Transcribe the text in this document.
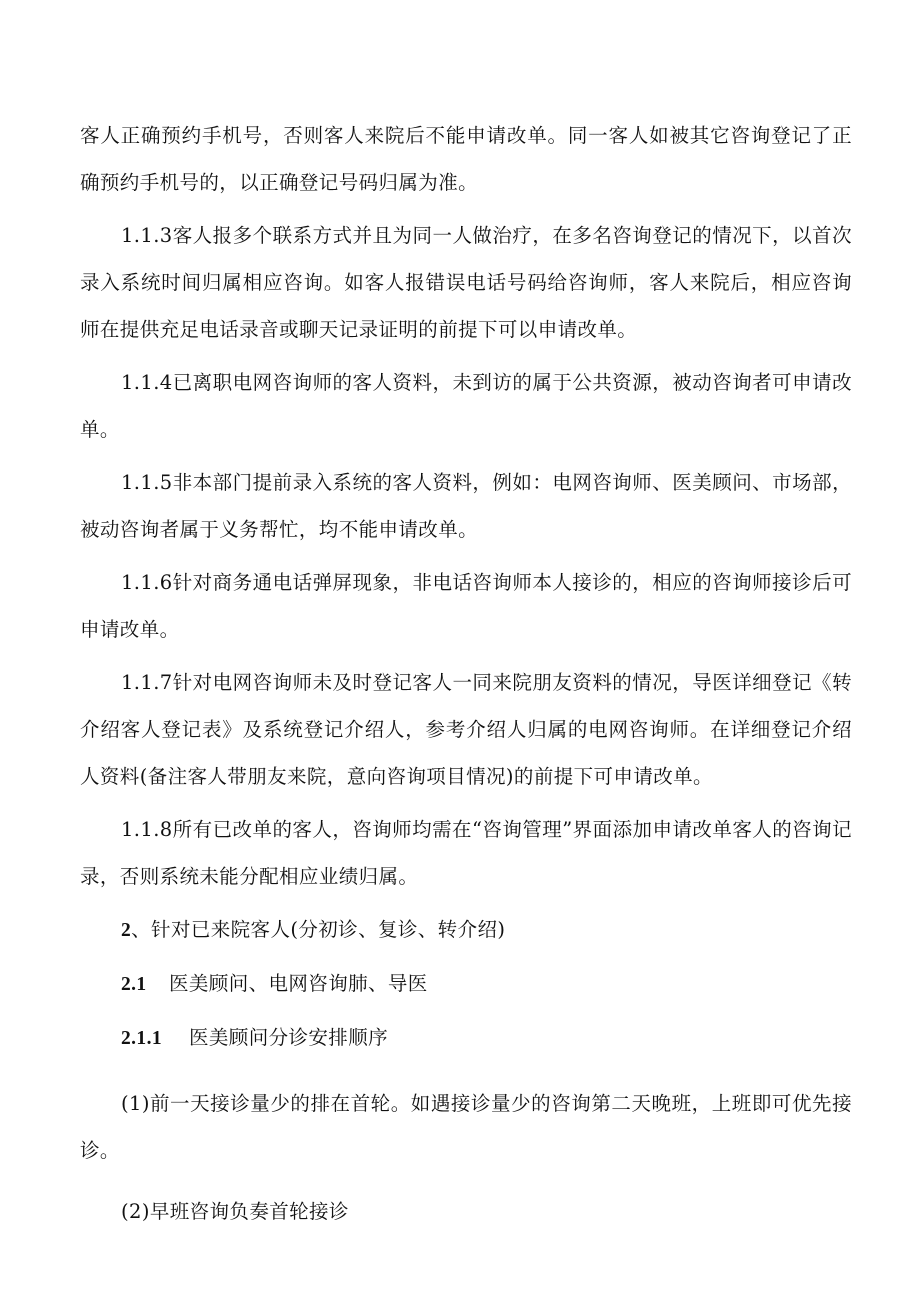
客人正确预约手机号，否则客人来院后不能申请改单。同一客人如被其它咨询登记了正确预约手机号的，以正确登记号码归属为准。

1.1.3客人报多个联系方式并且为同一人做治疗，在多名咨询登记的情况下，以首次录入系统时间归属相应咨询。如客人报错误电话号码给咨询师，客人来院后，相应咨询师在提供充足电话录音或聊天记录证明的前提下可以申请改单。

1.1.4已离职电网咨询师的客人资料，未到访的属于公共资源，被动咨询者可申请改单。

1.1.5非本部门提前录入系统的客人资料，例如：电网咨询师、医美顾问、市场部，被动咨询者属于义务帮忙，均不能申请改单。

1.1.6针对商务通电话弹屏现象，非电话咨询师本人接诊的，相应的咨询师接诊后可申请改单。

1.1.7针对电网咨询师未及时登记客人一同来院朋友资料的情况，导医详细登记《转介绍客人登记表》及系统登记介绍人，参考介绍人归属的电网咨询师。在详细登记介绍人资料(备注客人带朋友来院，意向咨询项目情况)的前提下可申请改单。

1.1.8所有已改单的客人，咨询师均需在“咨询管理”界面添加申请改单客人的咨询记录，否则系统未能分配相应业绩归属。

2、针对已来院客人(分初诊、复诊、转介绍)
2.1 医美顾问、电网咨询肺、导医
2.1.1 医美顾问分诊安排顺序

(1)前一天接诊量少的排在首轮。如遇接诊量少的咨询第二天晚班，上班即可优先接诊。

(2)早班咨询负奏首轮接诊
